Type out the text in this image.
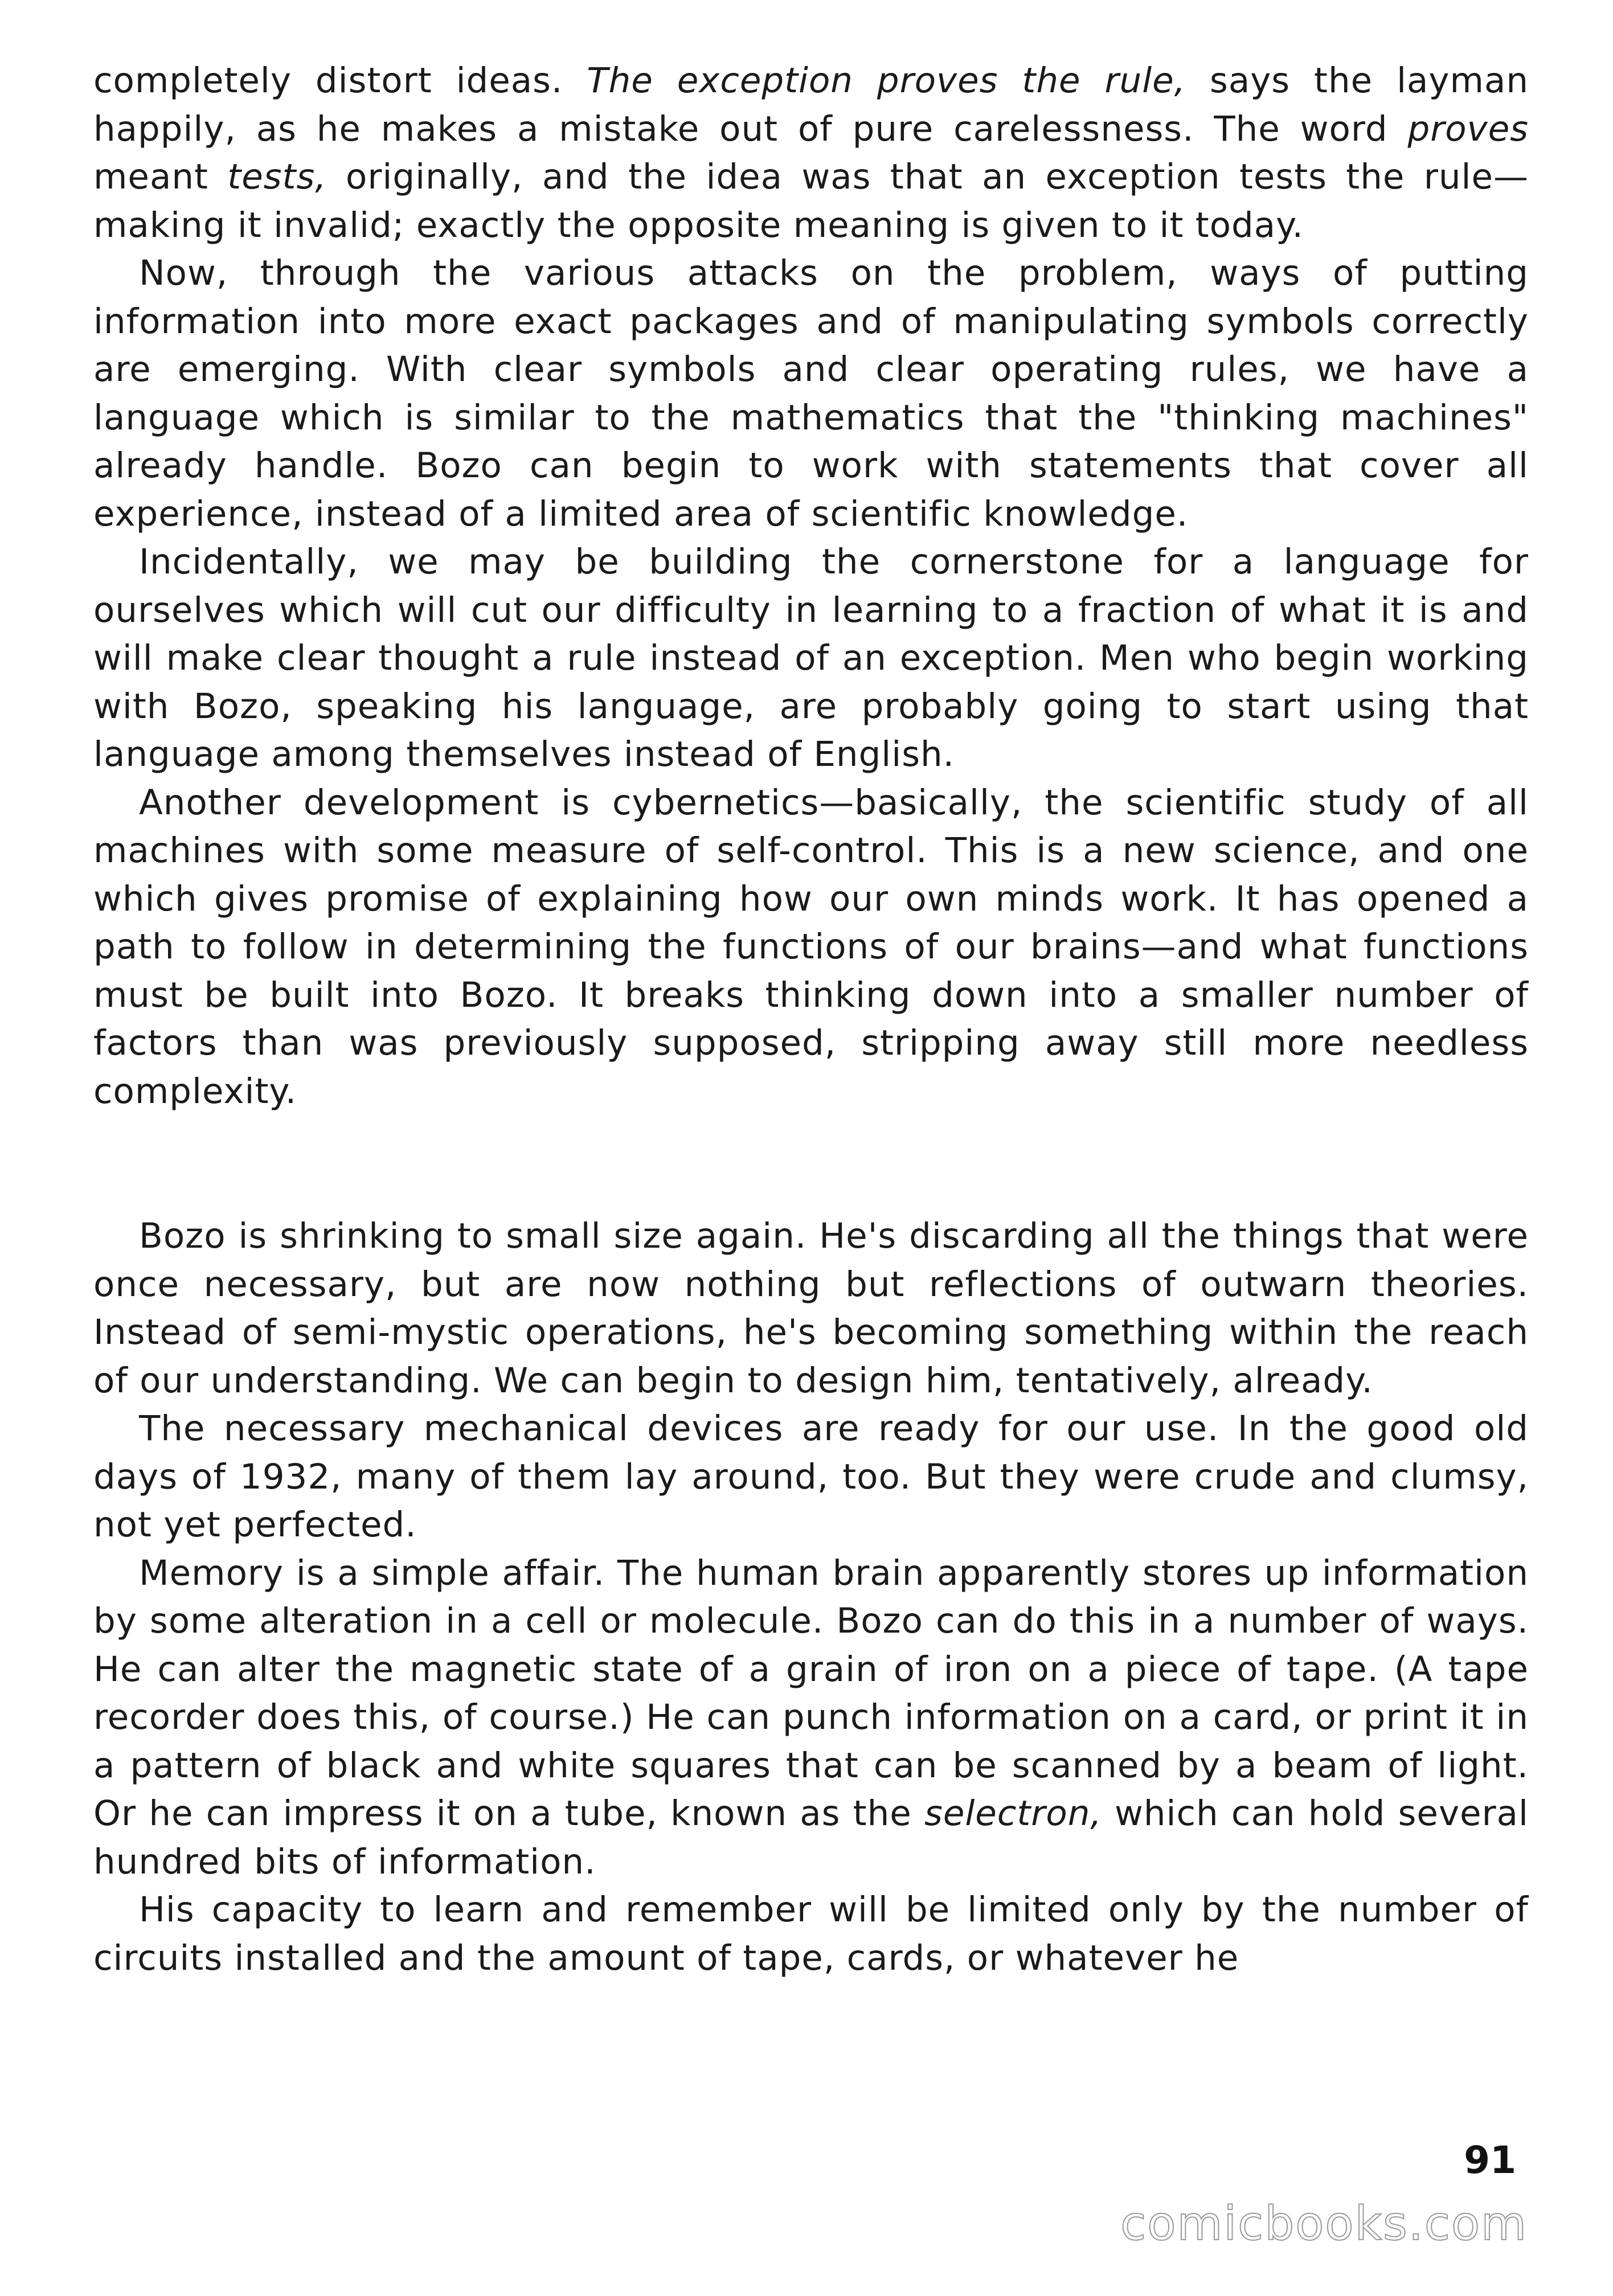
completely distort ideas. The exception proves the rule, says the layman happily, as he makes a mistake out of pure carelessness. The word proves meant tests, originally, and the idea was that an exception tests the rule—making it invalid; exactly the opposite meaning is given to it today.

Now, through the various attacks on the problem, ways of putting information into more exact packages and of manipulating symbols correctly are emerging. With clear symbols and clear operating rules, we have a language which is similar to the mathematics that the "thinking machines" already handle. Bozo can begin to work with statements that cover all experience, instead of a limited area of scientific knowledge.

Incidentally, we may be building the cornerstone for a language for ourselves which will cut our difficulty in learning to a fraction of what it is and will make clear thought a rule instead of an exception. Men who begin working with Bozo, speaking his language, are probably going to start using that language among themselves instead of English.

Another development is cybernetics—basically, the scientific study of all machines with some measure of self-control. This is a new science, and one which gives promise of explaining how our own minds work. It has opened a path to follow in determining the functions of our brains—and what functions must be built into Bozo. It breaks thinking down into a smaller number of factors than was previously supposed, stripping away still more needless complexity.

Bozo is shrinking to small size again. He's discarding all the things that were once necessary, but are now nothing but reflections of outwarn theories. Instead of semi-mystic operations, he's becoming something within the reach of our understanding. We can begin to design him, tentatively, already.

The necessary mechanical devices are ready for our use. In the good old days of 1932, many of them lay around, too. But they were crude and clumsy, not yet perfected.

Memory is a simple affair. The human brain apparently stores up information by some alteration in a cell or molecule. Bozo can do this in a number of ways. He can alter the magnetic state of a grain of iron on a piece of tape. (A tape recorder does this, of course.) He can punch information on a card, or print it in a pattern of black and white squares that can be scanned by a beam of light. Or he can impress it on a tube, known as the selectron, which can hold several hundred bits of information.

His capacity to learn and remember will be limited only by the number of circuits installed and the amount of tape, cards, or whatever he

91
comicbooks.com
